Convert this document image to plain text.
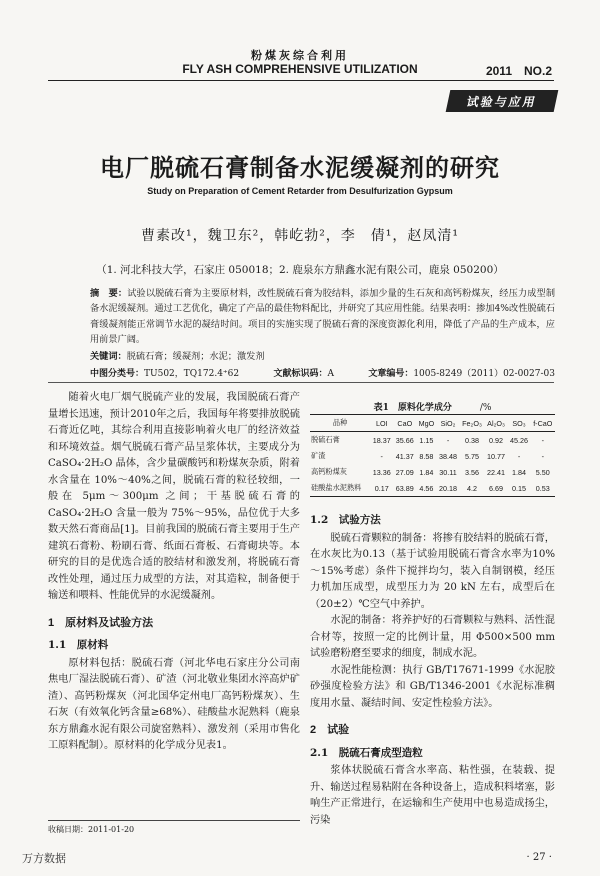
粉煤灰综合利用
FLY ASH COMPREHENSIVE UTILIZATION	2011　NO.2
试验与应用
电厂脱硫石膏制备水泥缓凝剂的研究
Study on Preparation of Cement Retarder from Desulfurization Gypsum
曹素改¹，魏卫东²，韩屹勃²，李　倩¹，赵凤清¹
（1. 河北科技大学，石家庄 050018；2. 鹿泉东方鼎鑫水泥有限公司，鹿泉 050200）
摘　要：试验以脱硫石膏为主要原材料，改性脱硫石膏为胶结料，添加少量的生石灰和高钙粉煤灰，经压力成型制备水泥缓凝剂。通过工艺优化，确定了产品的最佳物料配比，并研究了其应用性能。结果表明：掺加4%改性脱硫石膏缓凝剂能正常调节水泥的凝结时间。项目的实施实现了脱硫石膏的深度资源化利用，降低了产品的生产成本，应用前景广阔。
关键词：脱硫石膏；缓凝剂；水泥；激发剂
中图分类号：TU502，TQ172.4⁺62	文献标识码：A	文章编号：1005-8249（2011）02-0027-03

随着火电厂烟气脱硫产业的发展，我国脱硫石膏产量增长迅速，预计2010年之后，我国每年将要排放脱硫石膏近亿吨，其综合利用直接影响着火电厂的经济效益和环境效益。烟气脱硫石膏产品呈浆体状，主要成分为 CaSO₄·2H₂O 晶体，含少量碳酸钙和粉煤灰杂质，附着水含量在 10%～40%之间，脱硫石膏的粒径较细，一般在 5μm～300μm 之间；干基脱硫石膏的 CaSO₄·2H₂O 含量一般为 75%～95%，品位优于大多数天然石膏商品[1]。目前我国的脱硫石膏主要用于生产建筑石膏粉、粉刷石膏、纸面石膏板、石膏砌块等。本研究的目的是优选合适的胶结材和激发剂，将脱硫石膏改性处理，通过压力成型的方法，对其造粒，制备便于输送和喂料、性能优异的水泥缓凝剂。

1　原材料及试验方法
1.1　原材料

原材料包括：脱硫石膏（河北华电石家庄分公司南焦电厂湿法脱硫石膏）、矿渣（河北敬业集团水淬高炉矿渣）、高钙粉煤灰（河北国华定州电厂高钙粉煤灰）、生石灰（有效氧化钙含量≥68%）、硅酸盐水泥熟料（鹿泉东方鼎鑫水泥有限公司旋窑熟料）、激发剂（采用市售化工原料配制）。原材料的化学成分见表1。

收稿日期：2011-01-20
表1　原料化学成分	/%
品种	LOI	CaO	MgO	SiO₂	Fe₂O₃	Al₂O₃	SO₃	f-CaO
脱硫石膏	18.37	35.66	1.15	-	0.38	0.92	45.26	-
矿渣	-	41.37	8.58	38.48	5.75	10.77	-	-
高钙粉煤灰	13.36	27.09	1.84	30.11	3.56	22.41	1.84	5.50
硅酸盐水泥熟料	0.17	63.89	4.56	20.18	4.2	6.69	0.15	0.53
1.2　试验方法

脱硫石膏颗粒的制备：将掺有胶结料的脱硫石膏，在水灰比为0.13（基于试验用脱硫石膏含水率为10%～15%考虑）条件下搅拌均匀，装入自制钢模，经压力机加压成型，成型压力为 20 kN 左右，成型后在（20±2）℃空气中养护。

水泥的制备：将养护好的石膏颗粒与熟料、活性混合材等，按照一定的比例计量，用 Φ500×500 mm 试验磨粉磨至要求的细度，制成水泥。

水泥性能检测：执行 GB/T17671-1999《水泥胶砂强度检验方法》和 GB/T1346-2001《水泥标准稠度用水量、凝结时间、安定性检验方法》。

2　试验
2.1　脱硫石膏成型造粒

浆体状脱硫石膏含水率高、粘性强，在装载、提升、输送过程易粘附在各种设备上，造成积料堵塞，影响生产正常进行，在运输和生产使用中也易造成扬尘，污染

· 27 ·
万方数据
